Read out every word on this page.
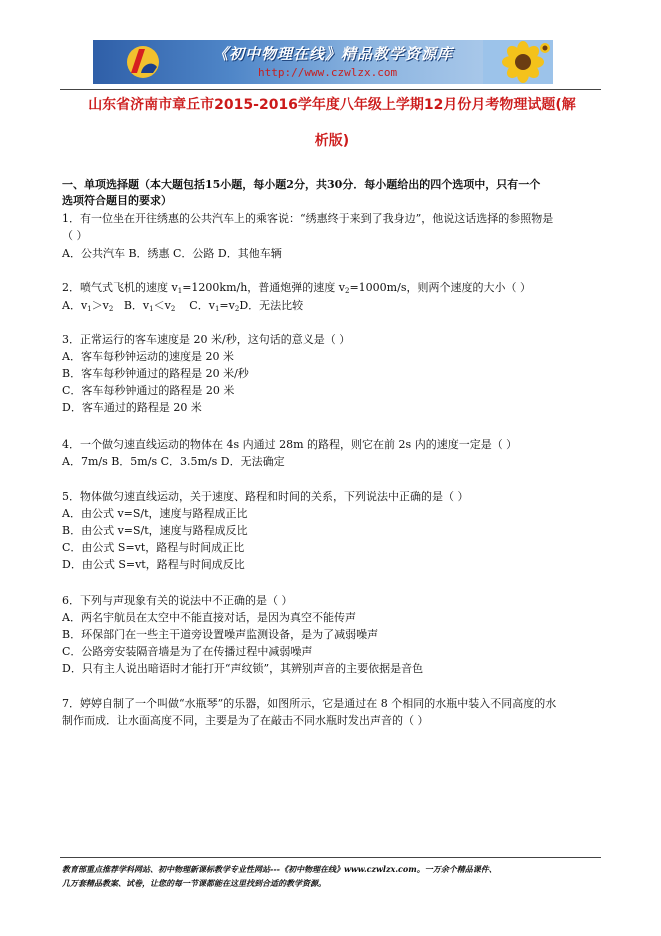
《初中物理在线》精品教学资源库
http://www.czwlzx.com
山东省济南市章丘市2015-2016学年度八年级上学期12月份月考物理试题(解
析版)
一、单项选择题（本大题包括15小题，每小题2分，共30分．每小题给出的四个选项中，只有一个
选项符合题目的要求）
1．有一位坐在开往绣惠的公共汽车上的乘客说：“绣惠终于来到了我身边”，他说这话选择的参照物是
（ ）
A．公共汽车 B．绣惠 C．公路 D．其他车辆
2．喷气式飞机的速度 $v_1=1200km/h$，普通炮弹的速度 $v_2=1000m/s$，则两个速度的大小（ ）
A．$v_1>v_2$ B．$v_1<v_2$ C．$v_1=v_2D$．无法比较
3．正常运行的客车速度是 20 米/秒，这句话的意义是（ ）
A．客车每秒钟运动的速度是 20 米
B．客车每秒钟通过的路程是 20 米/秒
C．客车每秒钟通过的路程是 20 米
D．客车通过的路程是 20 米
4．一个做匀速直线运动的物体在 4s 内通过 28m 的路程，则它在前 2s 内的速度一定是（ ）
A．7m/s B．5m/s C．3.5m/s D．无法确定
5．物体做匀速直线运动，关于速度、路程和时间的关系，下列说法中正确的是（ ）
A．由公式 v=S/t，速度与路程成正比
B．由公式 v=S/t，速度与路程成反比
C．由公式 S=vt，路程与时间成正比
D．由公式 S=vt，路程与时间成反比
6．下列与声现象有关的说法中不正确的是（ ）
A．两名宇航员在太空中不能直接对话，是因为真空不能传声
B．环保部门在一些主干道旁设置噪声监测设备，是为了减弱噪声
C．公路旁安装隔音墙是为了在传播过程中减弱噪声
D．只有主人说出暗语时才能打开“声纹锁”，其辨别声音的主要依据是音色
7．婷婷自制了一个叫做“水瓶琴”的乐器，如图所示，它是通过在 8 个相同的水瓶中装入不同高度的水
制作而成．让水面高度不同，主要是为了在敲击不同水瓶时发出声音的（ ）
教育部重点推荐学科网站、初中物理新课标教学专业性网站---《初中物理在线》www.czwlzx.com。一万余个精品课件、
几万套精品教案、试卷，让您的每一节课都能在这里找到合适的教学资源。
